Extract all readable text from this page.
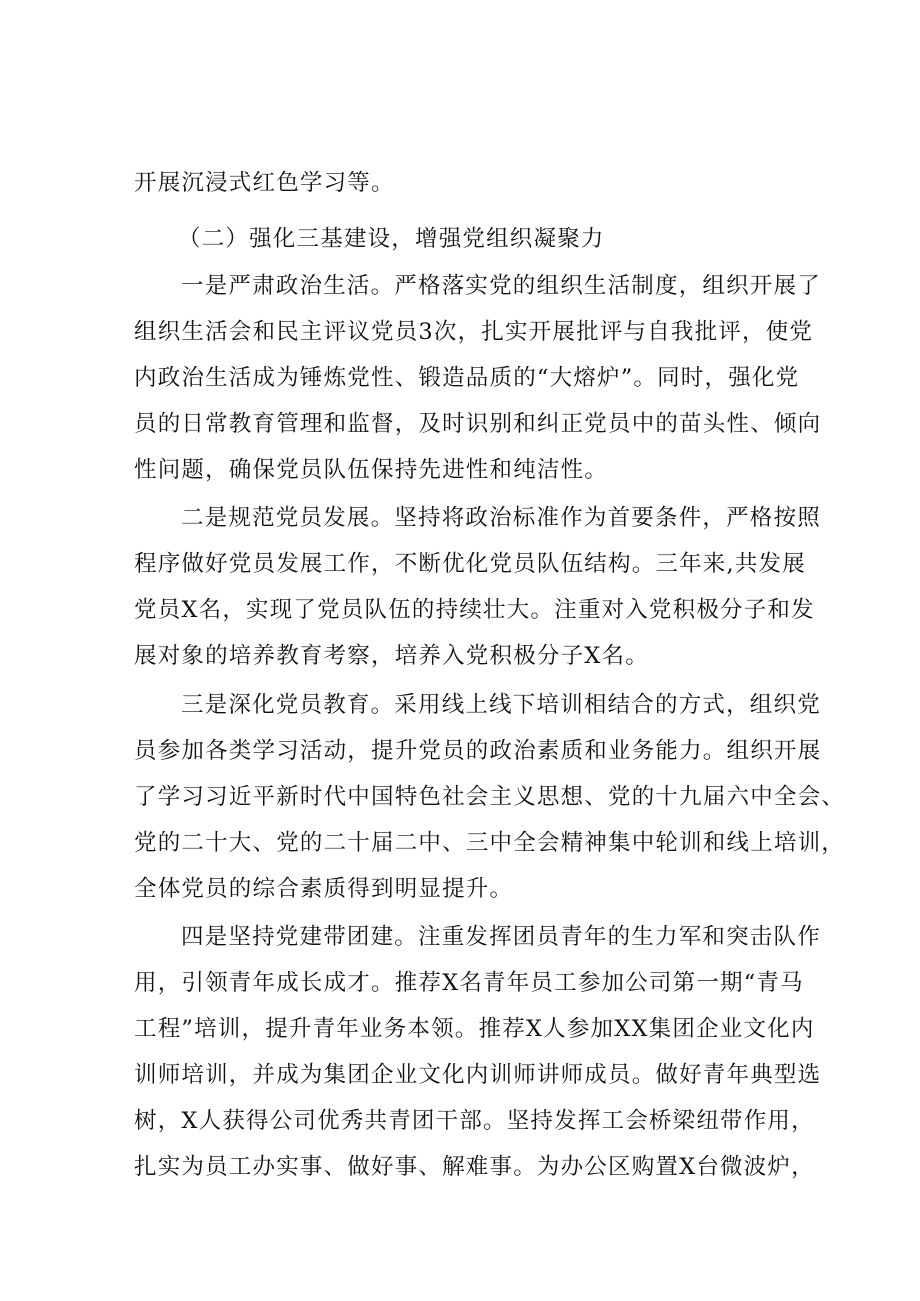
开展沉浸式红色学习等。
（二）强化三基建设，增强党组织凝聚力
一是严肃政治生活。严格落实党的组织生活制度，组织开展了
组织生活会和民主评议党员3次，扎实开展批评与自我批评，使党
内政治生活成为锤炼党性、锻造品质的“大熔炉”。同时，强化党
员的日常教育管理和监督，及时识别和纠正党员中的苗头性、倾向
性问题，确保党员队伍保持先进性和纯洁性。
二是规范党员发展。坚持将政治标准作为首要条件，严格按照
程序做好党员发展工作，不断优化党员队伍结构。三年来,共发展
党员X名，实现了党员队伍的持续壮大。注重对入党积极分子和发
展对象的培养教育考察，培养入党积极分子X名。
三是深化党员教育。采用线上线下培训相结合的方式，组织党
员参加各类学习活动，提升党员的政治素质和业务能力。组织开展
了学习习近平新时代中国特色社会主义思想、党的十九届六中全会、
党的二十大、党的二十届二中、三中全会精神集中轮训和线上培训，
全体党员的综合素质得到明显提升。
四是坚持党建带团建。注重发挥团员青年的生力军和突击队作
用，引领青年成长成才。推荐X名青年员工参加公司第一期“青马
工程”培训，提升青年业务本领。推荐X人参加XX集团企业文化内
训师培训，并成为集团企业文化内训师讲师成员。做好青年典型选
树，X人获得公司优秀共青团干部。坚持发挥工会桥梁纽带作用，
扎实为员工办实事、做好事、解难事。为办公区购置X台微波炉，
